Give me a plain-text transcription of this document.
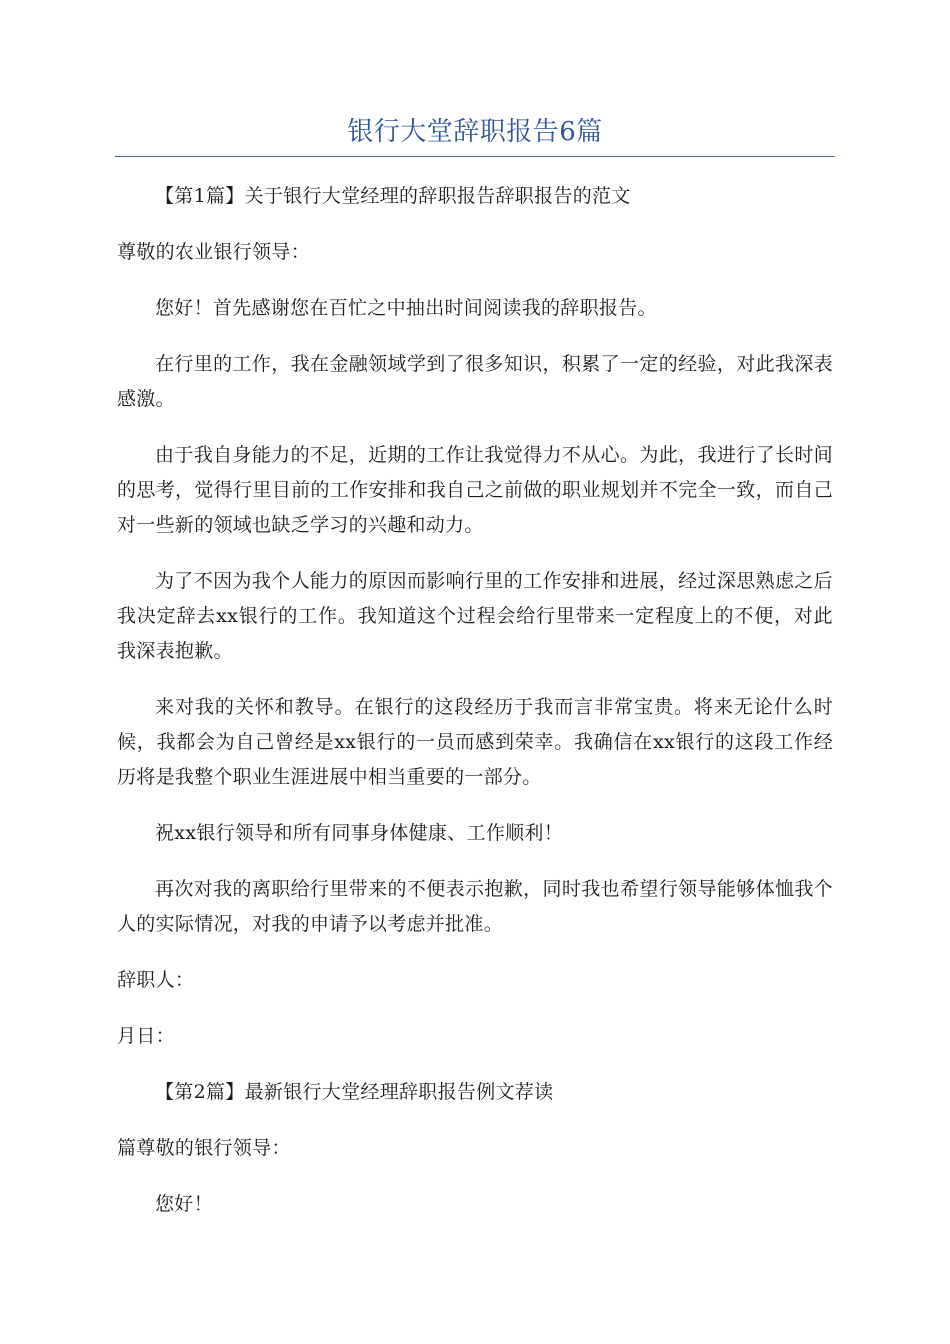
银行大堂辞职报告6篇

【第1篇】关于银行大堂经理的辞职报告辞职报告的范文

尊敬的农业银行领导：

您好！首先感谢您在百忙之中抽出时间阅读我的辞职报告。

在行里的工作，我在金融领域学到了很多知识，积累了一定的经验，对此我深表感激。

由于我自身能力的不足，近期的工作让我觉得力不从心。为此，我进行了长时间的思考，觉得行里目前的工作安排和我自己之前做的职业规划并不完全一致，而自己对一些新的领域也缺乏学习的兴趣和动力。

为了不因为我个人能力的原因而影响行里的工作安排和进展，经过深思熟虑之后我决定辞去xx银行的工作。我知道这个过程会给行里带来一定程度上的不便，对此我深表抱歉。

来对我的关怀和教导。在银行的这段经历于我而言非常宝贵。将来无论什么时候，我都会为自己曾经是xx银行的一员而感到荣幸。我确信在xx银行的这段工作经历将是我整个职业生涯进展中相当重要的一部分。

祝xx银行领导和所有同事身体健康、工作顺利！

再次对我的离职给行里带来的不便表示抱歉，同时我也希望行领导能够体恤我个人的实际情况，对我的申请予以考虑并批准。

辞职人：

月日：

【第2篇】最新银行大堂经理辞职报告例文荐读

篇尊敬的银行领导：

您好！
